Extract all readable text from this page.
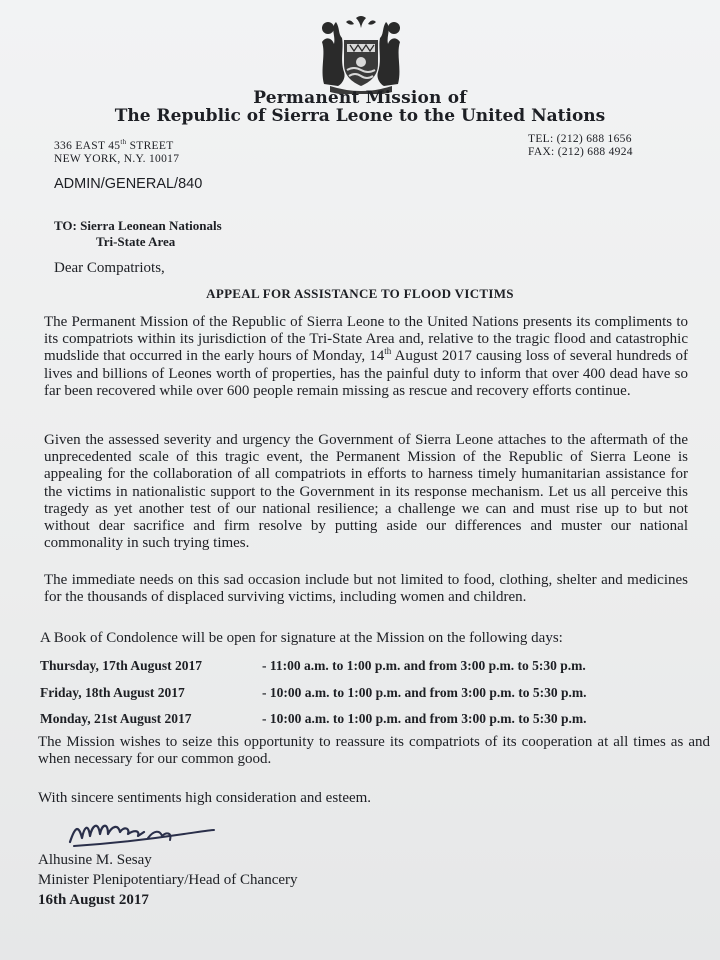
Permanent Mission of
The Republic of Sierra Leone to the United Nations
336 EAST 45th STREET
NEW YORK, N.Y. 10017
TEL: (212) 688 1656
FAX: (212) 688 4924
ADMIN/GENERAL/840
TO: Sierra Leonean Nationals
Tri-State Area
Dear Compatriots,
APPEAL FOR ASSISTANCE TO FLOOD VICTIMS
The Permanent Mission of the Republic of Sierra Leone to the United Nations presents its compliments to its compatriots within its jurisdiction of the Tri-State Area and, relative to the tragic flood and catastrophic mudslide that occurred in the early hours of Monday, 14th August 2017 causing loss of several hundreds of lives and billions of Leones worth of properties, has the painful duty to inform that over 400 dead have so far been recovered while over 600 people remain missing as rescue and recovery efforts continue.
Given the assessed severity and urgency the Government of Sierra Leone attaches to the aftermath of the unprecedented scale of this tragic event, the Permanent Mission of the Republic of Sierra Leone is appealing for the collaboration of all compatriots in efforts to harness timely humanitarian assistance for the victims in nationalistic support to the Government in its response mechanism. Let us all perceive this tragedy as yet another test of our national resilience; a challenge we can and must rise up to but not without dear sacrifice and firm resolve by putting aside our differences and muster our national commonality in such trying times.
The immediate needs on this sad occasion include but not limited to food, clothing, shelter and medicines for the thousands of displaced surviving victims, including women and children.
A Book of Condolence will be open for signature at the Mission on the following days:
Thursday, 17th August 2017	- 11:00 a.m. to 1:00 p.m. and from 3:00 p.m. to 5:30 p.m.
Friday, 18th August 2017	- 10:00 a.m. to 1:00 p.m. and from 3:00 p.m. to 5:30 p.m.
Monday, 21st August 2017	- 10:00 a.m. to 1:00 p.m. and from 3:00 p.m. to 5:30 p.m.
The Mission wishes to seize this opportunity to reassure its compatriots of its cooperation at all times as and when necessary for our common good.
With sincere sentiments high consideration and esteem.
Alhusine M. Sesay
Minister Plenipotentiary/Head of Chancery
16th August 2017
